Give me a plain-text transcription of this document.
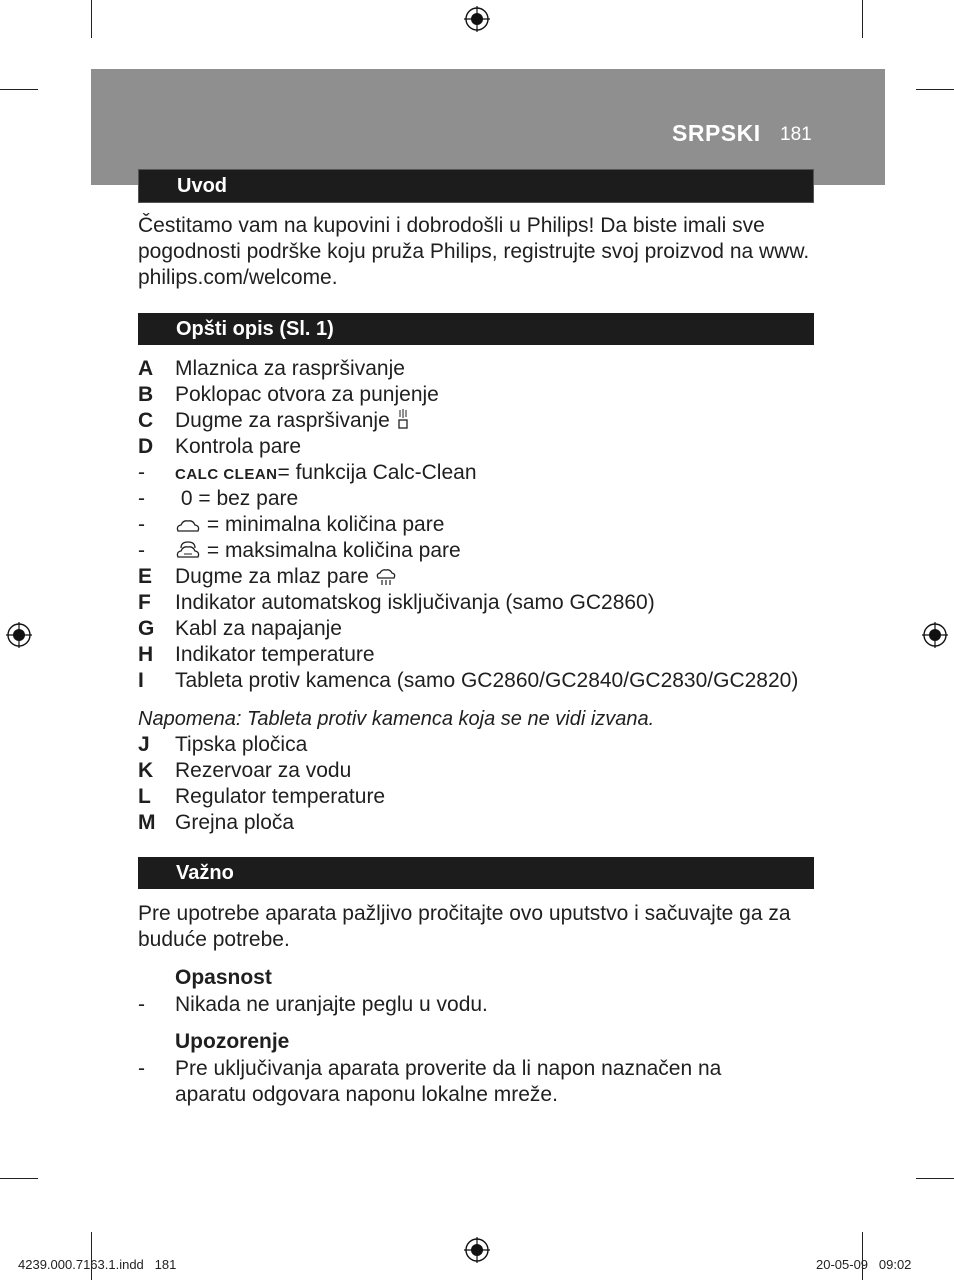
SRPSKI 181
Uvod
Čestitamo vam na kupovini i dobrodošli u Philips! Da biste imali sve pogodnosti podrške koju pruža Philips, registrujte svoj proizvod na www. philips.com/welcome.
Opšti opis (Sl. 1)
A	Mlaznica za raspršivanje
B	Poklopac otvora za punjenje
C	Dugme za raspršivanje
D	Kontrola pare
-	CALC CLEAN= funkcija Calc-Clean
-	0 = bez pare
-	= minimalna količina pare
-	= maksimalna količina pare
E	Dugme za mlaz pare
F	Indikator automatskog isključivanja (samo GC2860)
G Kabl za napajanje
H	Indikator temperature
I	Tableta protiv kamenca (samo GC2860/GC2840/GC2830/GC2820)
Napomena: Tableta protiv kamenca koja se ne vidi izvana.
J	Tipska pločica
K	Rezervoar za vodu
L	Regulator temperature
M Grejna ploča
Važno
Pre upotrebe aparata pažljivo pročitajte ovo uputstvo i sačuvajte ga za buduće potrebe.
Opasnost
-	Nikada ne uranjajte peglu u vodu.
Upozorenje
-	Pre uključivanja aparata proverite da li napon naznačen na aparatu odgovara naponu lokalne mreže.
4239.000.7163.1.indd   181	20-05-09   09:02
